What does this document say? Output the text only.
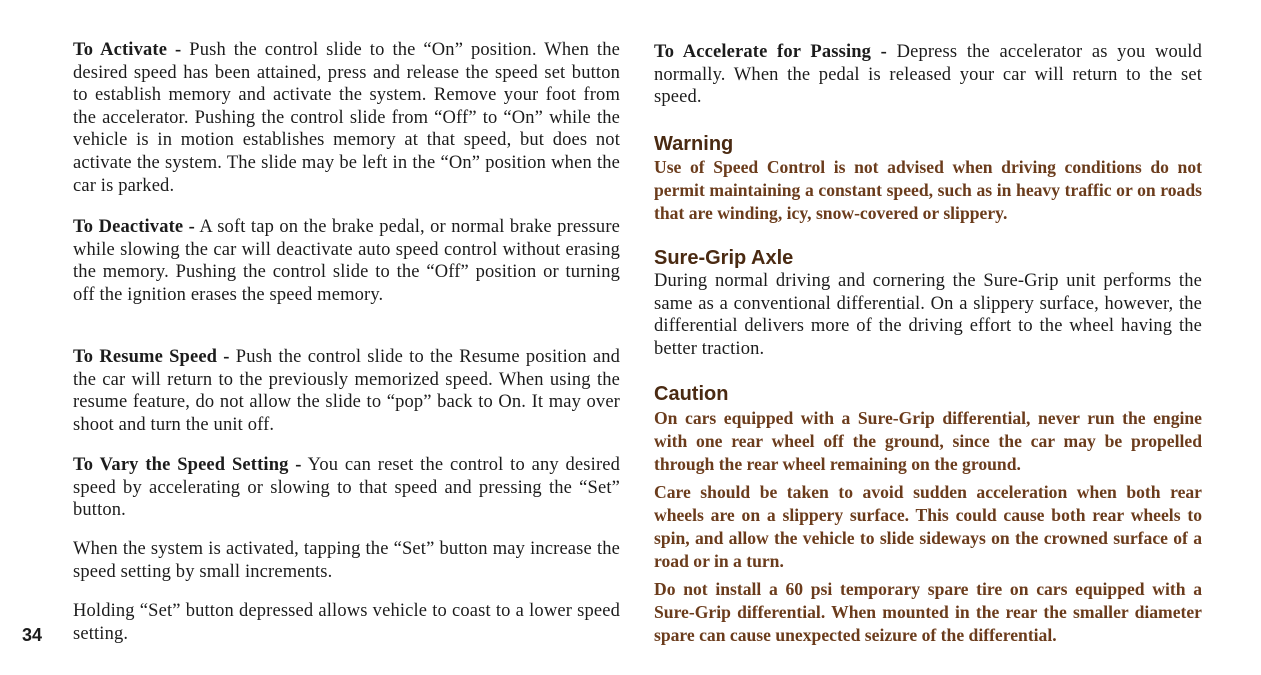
To Activate - Push the control slide to the “On” position. When the desired speed has been attained, press and release the speed set button to establish memory and activate the system. Remove your foot from the accelerator. Pushing the control slide from “Off” to “On” while the vehicle is in motion establishes memory at that speed, but does not activate the system. The slide may be left in the “On” position when the car is parked.

To Deactivate - A soft tap on the brake pedal, or normal brake pressure while slowing the car will deactivate auto speed control without erasing the memory. Pushing the control slide to the “Off” position or turning off the ignition erases the speed memory.

To Resume Speed - Push the control slide to the Resume position and the car will return to the previously memorized speed. When using the resume feature, do not allow the slide to “pop” back to On. It may over shoot and turn the unit off.

To Vary the Speed Setting - You can reset the control to any desired speed by accelerating or slowing to that speed and pressing the “Set” button.

When the system is activated, tapping the “Set” button may increase the speed setting by small increments.

Holding “Set” button depressed allows vehicle to coast to a lower speed setting.

34

To Accelerate for Passing - Depress the accelerator as you would normally. When the pedal is released your car will return to the set speed.

Warning

Use of Speed Control is not advised when driving conditions do not permit maintaining a constant speed, such as in heavy traffic or on roads that are winding, icy, snow-covered or slippery.

Sure-Grip Axle

During normal driving and cornering the Sure-Grip unit performs the same as a conventional differential. On a slippery surface, however, the differential delivers more of the driving effort to the wheel having the better traction.

Caution

On cars equipped with a Sure-Grip differential, never run the engine with one rear wheel off the ground, since the car may be propelled through the rear wheel remaining on the ground.

Care should be taken to avoid sudden acceleration when both rear wheels are on a slippery surface. This could cause both rear wheels to spin, and allow the vehicle to slide sideways on the crowned surface of a road or in a turn.

Do not install a 60 psi temporary spare tire on cars equipped with a Sure-Grip differential. When mounted in the rear the smaller diameter spare can cause unexpected seizure of the differential.
